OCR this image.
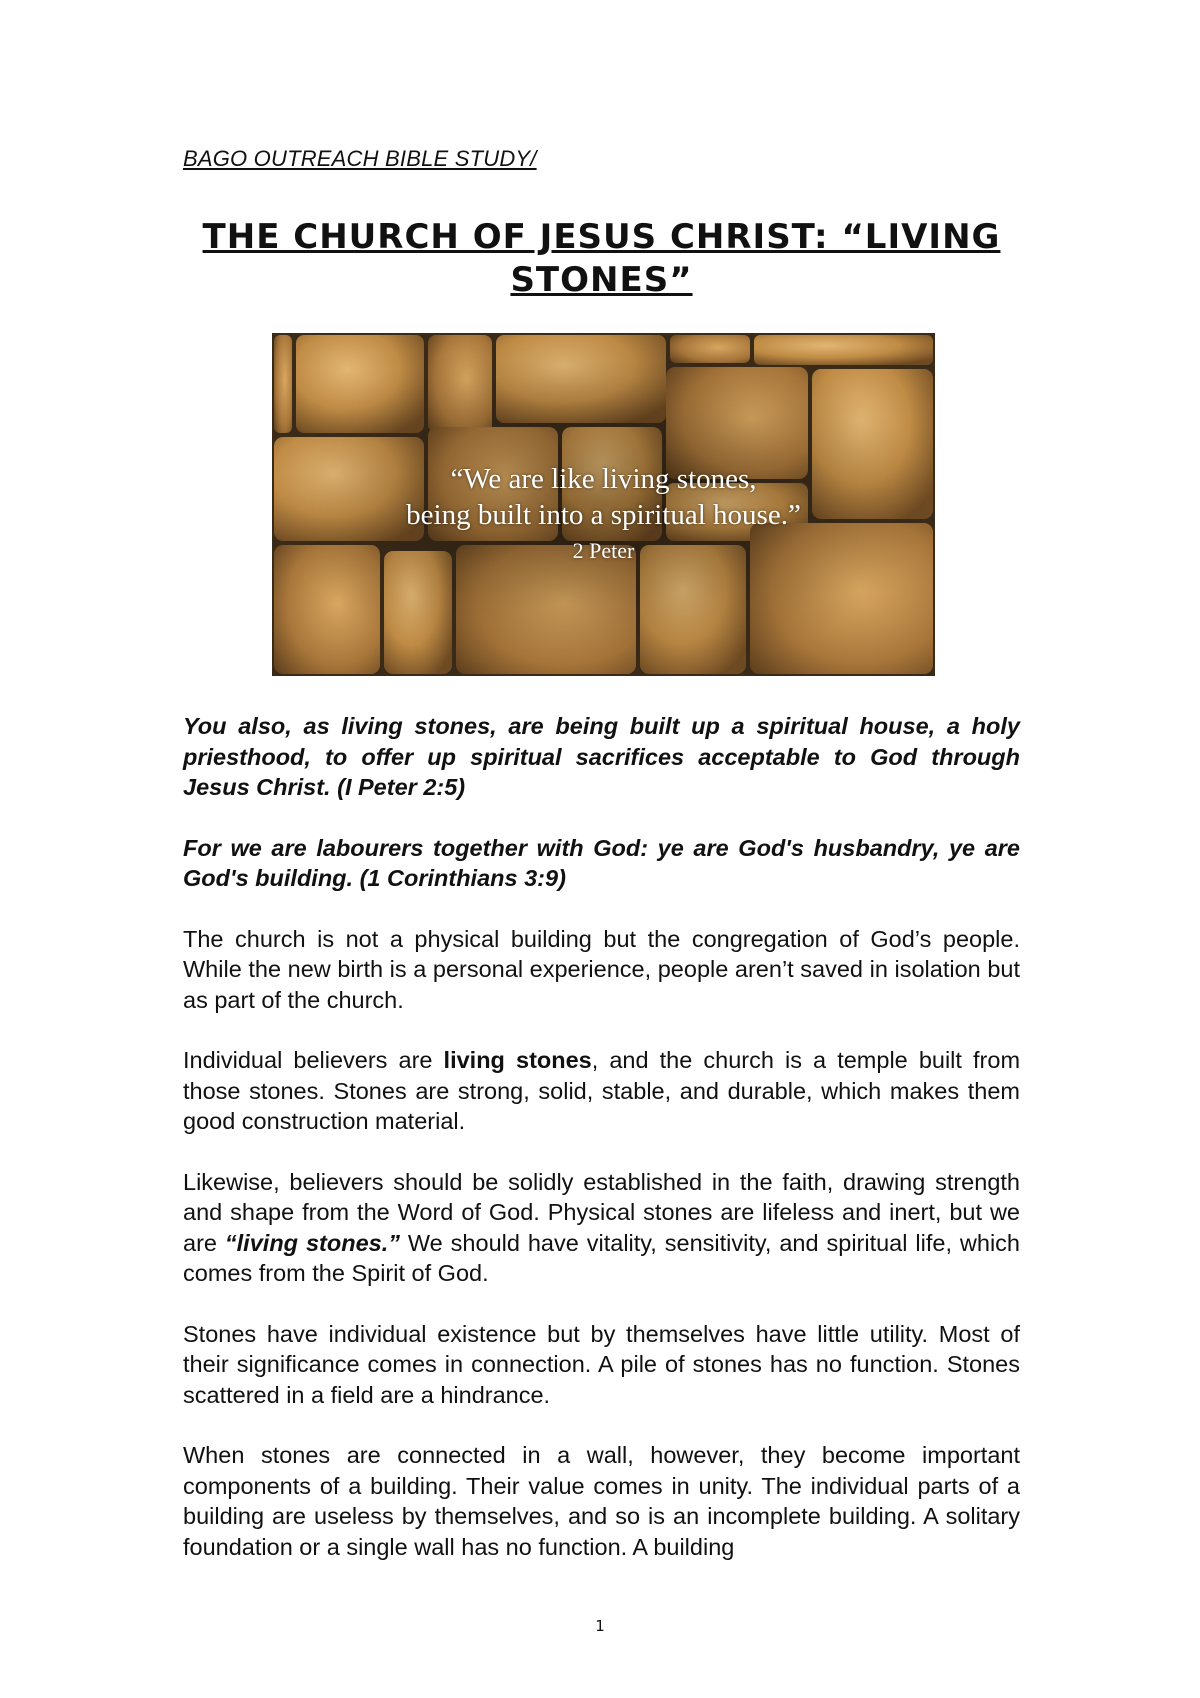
BAGO OUTREACH BIBLE STUDY/
THE CHURCH OF JESUS CHRIST: “LIVING STONES”
“We are like living stones,
being built into a spiritual house.”
2 Peter

You also, as living stones, are being built up a spiritual house, a holy priesthood, to offer up spiritual sacrifices acceptable to God through Jesus Christ. (I Peter 2:5)

For we are labourers together with God: ye are God's husbandry, ye are God's building. (1 Corinthians 3:9)

The church is not a physical building but the congregation of God’s people. While the new birth is a personal experience, people aren’t saved in isolation but as part of the church.

Individual believers are living stones, and the church is a temple built from those stones. Stones are strong, solid, stable, and durable, which makes them good construction material.

Likewise, believers should be solidly established in the faith, drawing strength and shape from the Word of God. Physical stones are lifeless and inert, but we are “living stones.” We should have vitality, sensitivity, and spiritual life, which comes from the Spirit of God.

Stones have individual existence but by themselves have little utility. Most of their significance comes in connection. A pile of stones has no function. Stones scattered in a field are a hindrance.

When stones are connected in a wall, however, they become important components of a building. Their value comes in unity. The individual parts of a building are useless by themselves, and so is an incomplete building. A solitary foundation or a single wall has no function. A building

1
